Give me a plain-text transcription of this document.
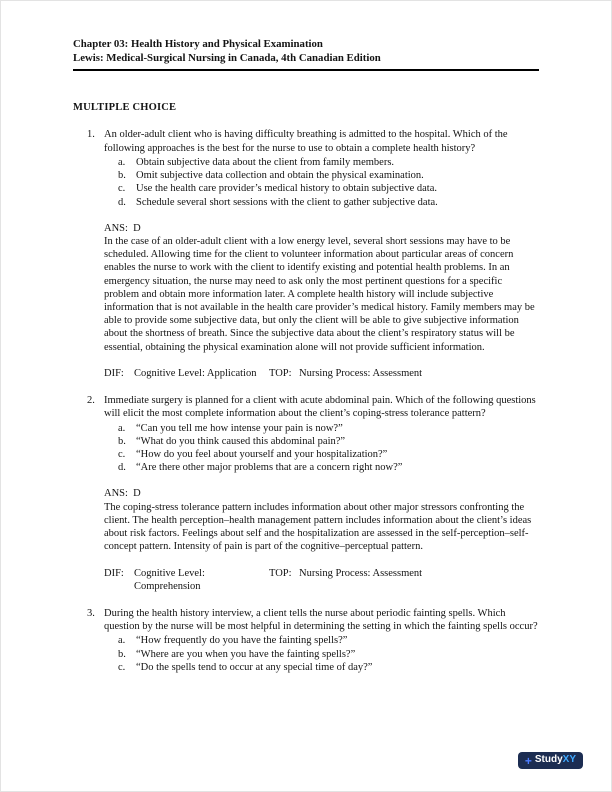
Chapter 03: Health History and Physical Examination
Lewis: Medical-Surgical Nursing in Canada, 4th Canadian Edition
MULTIPLE CHOICE
1. An older-adult client who is having difficulty breathing is admitted to the hospital. Which of the following approaches is the best for the nurse to use to obtain a complete health history?
a.	Obtain subjective data about the client from family members.
b. Omit subjective data collection and obtain the physical examination.
c.	Use the health care provider’s medical history to obtain subjective data.
d. Schedule several short sessions with the client to gather subjective data.
ANS:  D
In the case of an older-adult client with a low energy level, several short sessions may have to be scheduled. Allowing time for the client to volunteer information about particular areas of concern enables the nurse to work with the client to identify existing and potential health problems. In an emergency situation, the nurse may need to ask only the most pertinent questions for a specific problem and obtain more information later. A complete health history will include subjective information that is not available in the health care provider’s medical history. Family members may be able to provide some subjective data, but only the client will be able to give subjective information about the shortness of breath. Since the subjective data about the client’s respiratory status will be essential, obtaining the physical examination alone will not provide sufficient information.
DIF: Cognitive Level: Application	TOP: Nursing Process: Assessment
2. Immediate surgery is planned for a client with acute abdominal pain. Which of the following questions will elicit the most complete information about the client’s coping-stress tolerance pattern?
a.	“Can you tell me how intense your pain is now?”
b. “What do you think caused this abdominal pain?”
c.	“How do you feel about yourself and your hospitalization?”
d. “Are there other major problems that are a concern right now?”
ANS:  D
The coping-stress tolerance pattern includes information about other major stressors confronting the client. The health perception–health management pattern includes information about the client’s ideas about risk factors. Feelings about self and the hospitalization are assessed in the self-perception–self-concept pattern. Intensity of pain is part of the cognitive–perceptual pattern.
DIF: Cognitive Level: Comprehension
TOP: Nursing Process: Assessment
3. During the health history interview, a client tells the nurse about periodic fainting spells. Which question by the nurse will be most helpful in determining the setting in which the fainting spells occur?
a.	“How frequently do you have the fainting spells?”
b. “Where are you when you have the fainting spells?”
c.	“Do the spells tend to occur at any special time of day?”
+ Study XY
